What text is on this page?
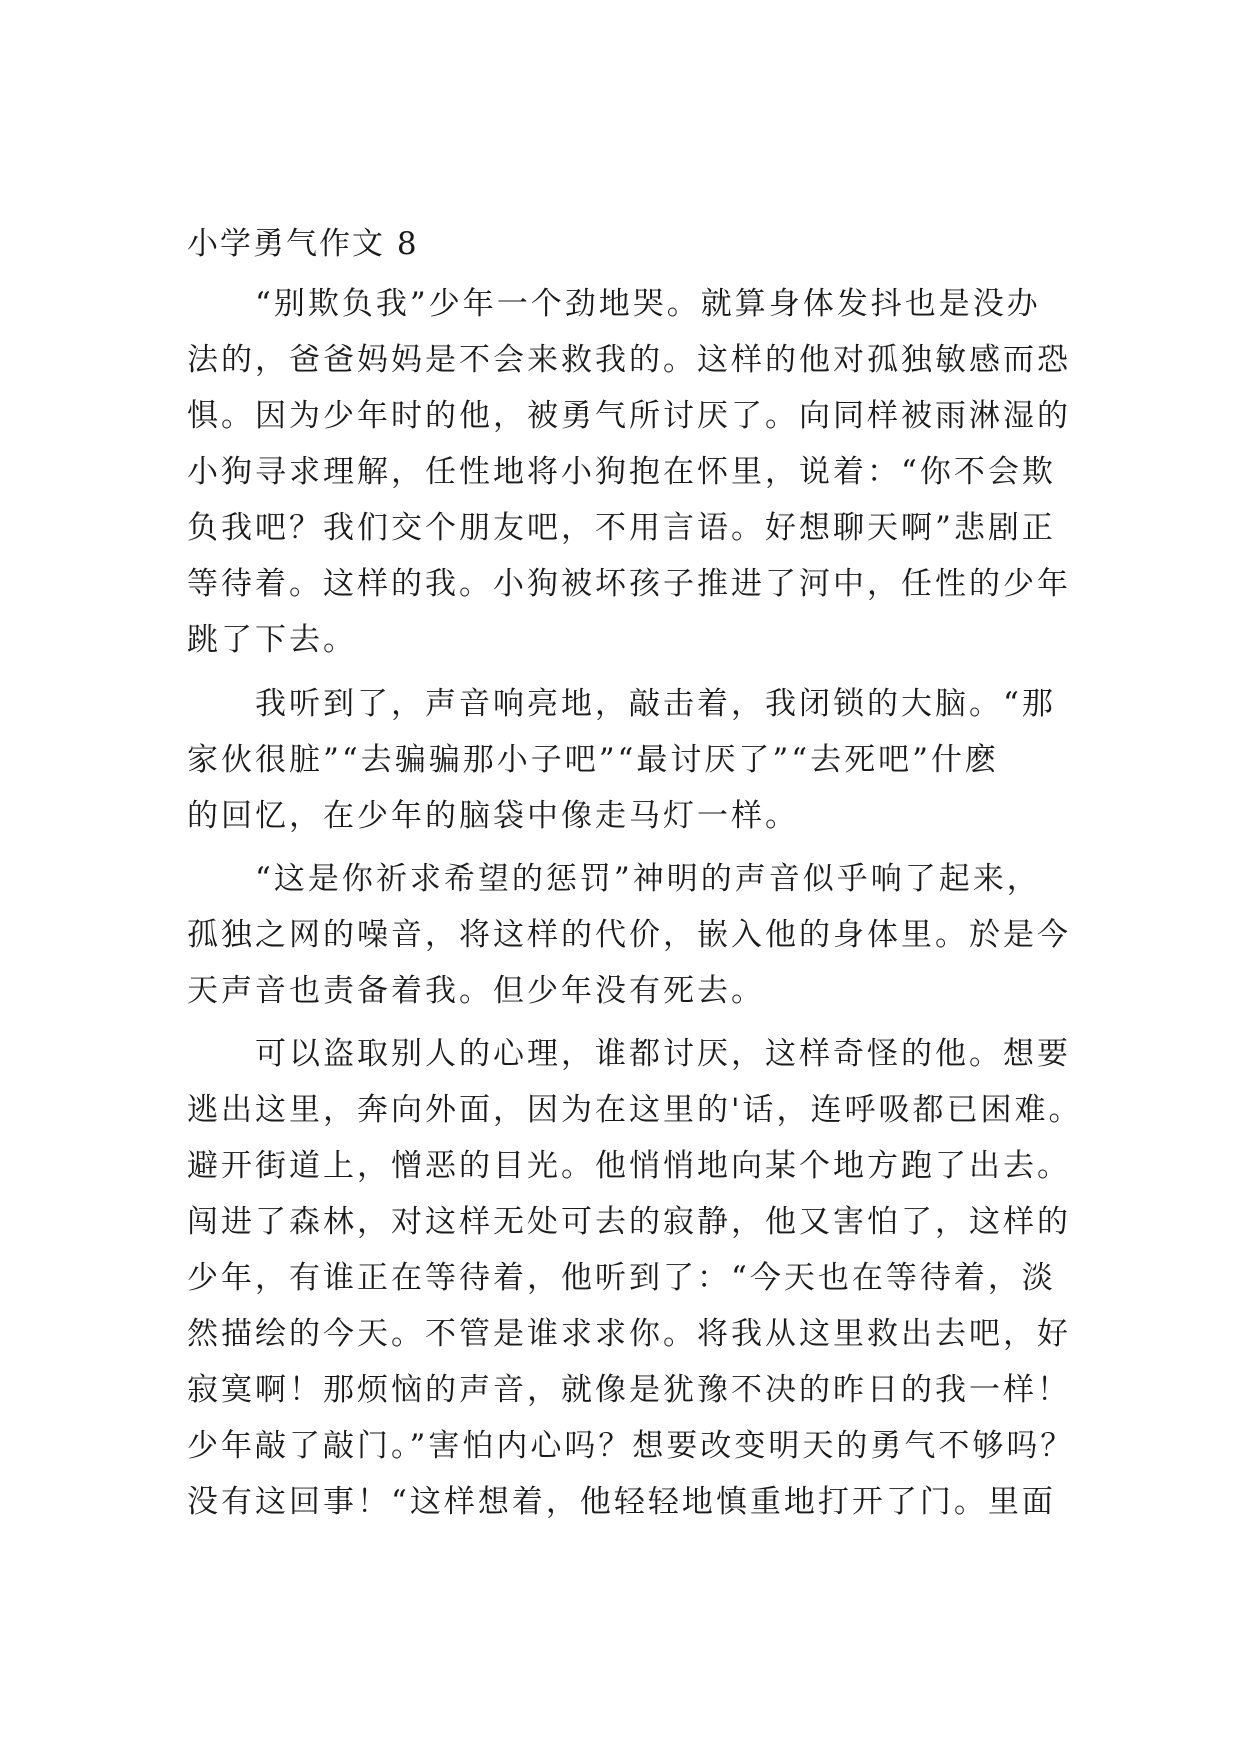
小学勇气作文 8
　　“别欺负我”少年一个劲地哭。就算身体发抖也是没办
法的，爸爸妈妈是不会来救我的。这样的他对孤独敏感而恐
惧。因为少年时的他，被勇气所讨厌了。向同样被雨淋湿的
小狗寻求理解，任性地将小狗抱在怀里，说着：“你不会欺
负我吧？我们交个朋友吧，不用言语。好想聊天啊”悲剧正
等待着。这样的我。小狗被坏孩子推进了河中，任性的少年
跳了下去。
　　我听到了，声音响亮地，敲击着，我闭锁的大脑。“那
家伙很脏”“去骗骗那小子吧”“最讨厌了”“去死吧”什麽
的回忆，在少年的脑袋中像走马灯一样。
　　“这是你祈求希望的惩罚”神明的声音似乎响了起来，
孤独之网的噪音，将这样的代价，嵌入他的身体里。於是今
天声音也责备着我。但少年没有死去。
　　可以盗取别人的心理，谁都讨厌，这样奇怪的他。想要
逃出这里，奔向外面，因为在这里的'话，连呼吸都已困难。
避开街道上，憎恶的目光。他悄悄地向某个地方跑了出去。
闯进了森林，对这样无处可去的寂静，他又害怕了，这样的
少年，有谁正在等待着，他听到了：“今天也在等待着，淡
然描绘的今天。不管是谁求求你。将我从这里救出去吧，好
寂寞啊！那烦恼的声音，就像是犹豫不决的昨日的我一样！
少年敲了敲门。”害怕内心吗？想要改变明天的勇气不够吗？
没有这回事！“这样想着，他轻轻地慎重地打开了门。里面
